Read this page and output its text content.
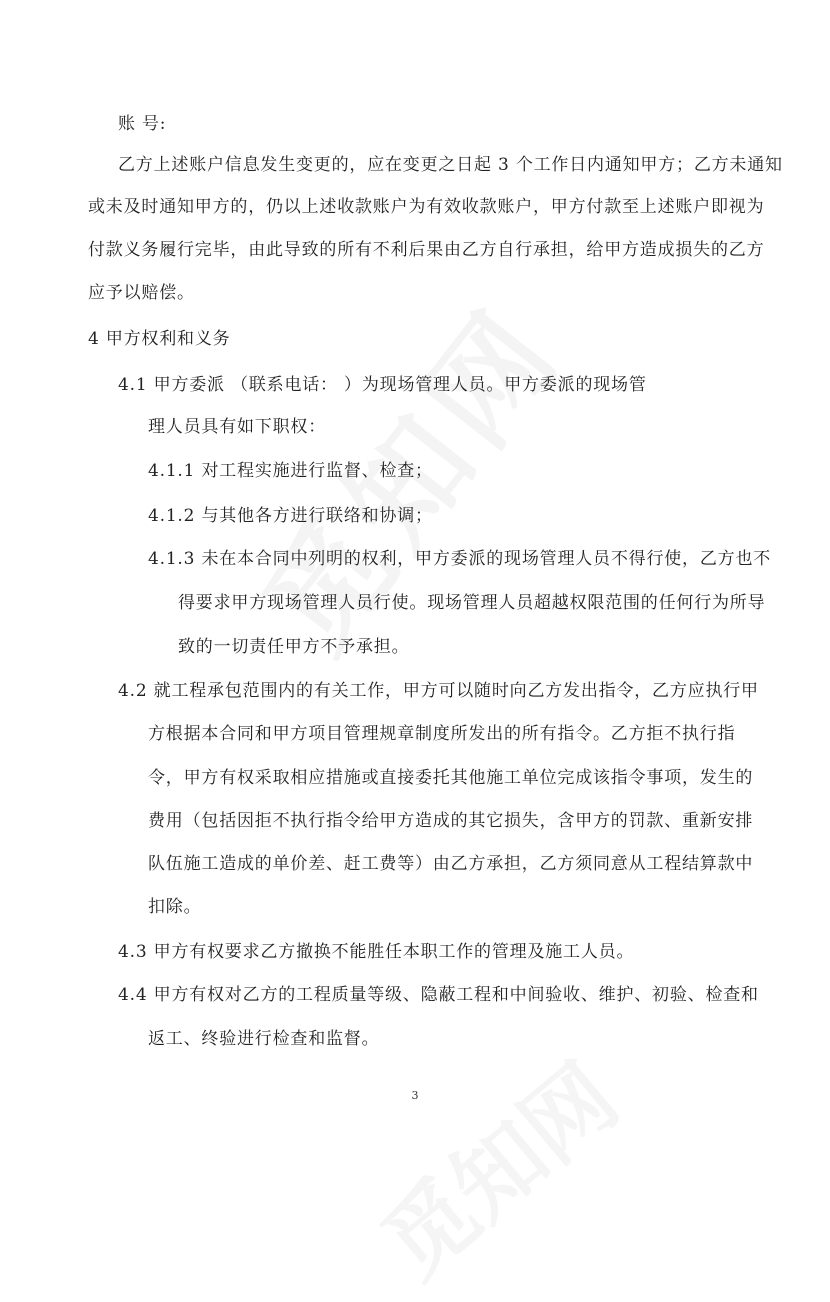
账 号:
乙方上述账户信息发生变更的，应在变更之日起 3 个工作日内通知甲方；乙方未通知
或未及时通知甲方的，仍以上述收款账户为有效收款账户，甲方付款至上述账户即视为
付款义务履行完毕，由此导致的所有不利后果由乙方自行承担，给甲方造成损失的乙方
应予以赔偿。
4 甲方权利和义务
4.1 甲方委派 （联系电话： ）为现场管理人员。甲方委派的现场管
理人员具有如下职权：
4.1.1 对工程实施进行监督、检查；
4.1.2 与其他各方进行联络和协调；
4.1.3 未在本合同中列明的权利，甲方委派的现场管理人员不得行使，乙方也不
得要求甲方现场管理人员行使。现场管理人员超越权限范围的任何行为所导
致的一切责任甲方不予承担。
4.2 就工程承包范围内的有关工作，甲方可以随时向乙方发出指令，乙方应执行甲
方根据本合同和甲方项目管理规章制度所发出的所有指令。乙方拒不执行指
令，甲方有权采取相应措施或直接委托其他施工单位完成该指令事项，发生的
费用（包括因拒不执行指令给甲方造成的其它损失，含甲方的罚款、重新安排
队伍施工造成的单价差、赶工费等）由乙方承担，乙方须同意从工程结算款中
扣除。
4.3 甲方有权要求乙方撤换不能胜任本职工作的管理及施工人员。
4.4 甲方有权对乙方的工程质量等级、隐蔽工程和中间验收、维护、初验、检查和
返工、终验进行检查和监督。
3
